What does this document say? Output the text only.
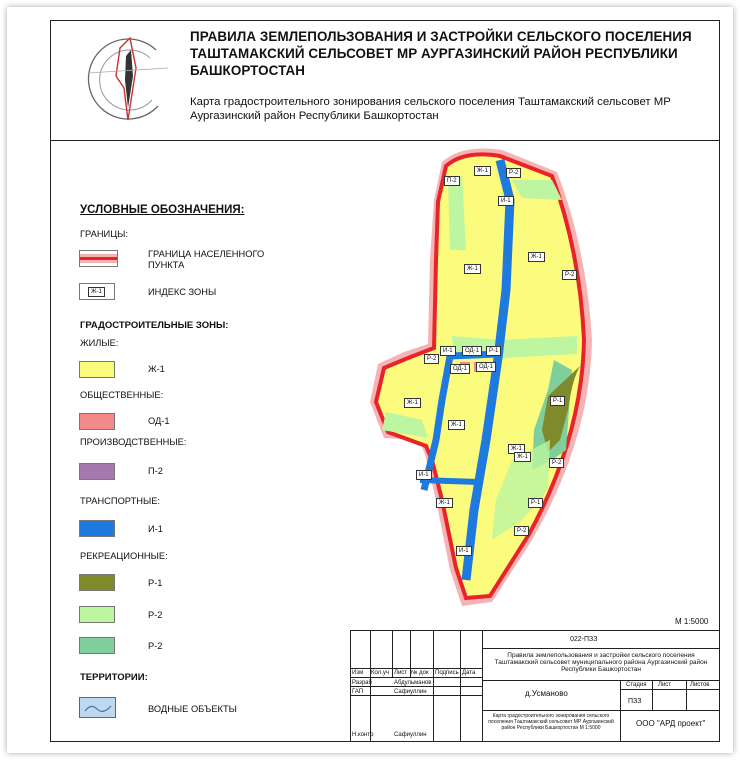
ПРАВИЛА ЗЕМЛЕПОЛЬЗОВАНИЯ И ЗАСТРОЙКИ СЕЛЬСКОГО ПОСЕЛЕНИЯ ТАШТАМАКСКИЙ СЕЛЬСОВЕТ МР АУРГАЗИНСКИЙ РАЙОН РЕСПУБЛИКИ БАШКОРТОСТАН
Карта градостроительного зонирования сельского поселения Таштамакский сельсовет МР Аургазинский район Республики Башкортостан
Ж-1
П-2
Р-2
И-1
Ж-1
Ж-1
Ж-1
Р-2
И-1	ОД-1
Р-1
Р-2
ОД-1	ОД-1
Ж-1
Ж-1
Р-1
Ж-1
Р-2
И-1
Р-1
Ж-1
Р-2
И-1
М 1:5000
УСЛОВНЫЕ ОБОЗНАЧЕНИЯ:
ГРАНИЦЫ:
ГРАНИЦА НАСЕЛЕННОГО ПУНКТА
Ж-1	ИНДЕКС ЗОНЫ
ГРАДОСТРОИТЕЛЬНЫЕ ЗОНЫ:
ЖИЛЫЕ:
Ж-1
ОБЩЕСТВЕННЫЕ:
ОД-1
ПРОИЗВОДСТВЕННЫЕ:
П-2
ТРАНСПОРТНЫЕ:
И-1
РЕКРЕАЦИОННЫЕ:
Р-1
Р-2
Р-2
ТЕРРИТОРИИ:
ВОДНЫЕ ОБЪЕКТЫ
022-ПЗЗ
Правила землепользования и застройки сельского поселения Таштамакский сельсовет муниципального района Аургазинский район Республики Башкортостан
Изм Кол.уч Лист № док Подпись Дата
Разраб	Абдульманов
ГАП	Сафиуллин
Н.контр	Сафиуллин
д.Усманово
Стадия Лист	Листов
ПЗЗ
Карта градостроительного зонирования сельского поселения Таштамакский сельсовет МР Аургазинский район Республики Башкортостан М 1:5000	ООО "АРД проект"
